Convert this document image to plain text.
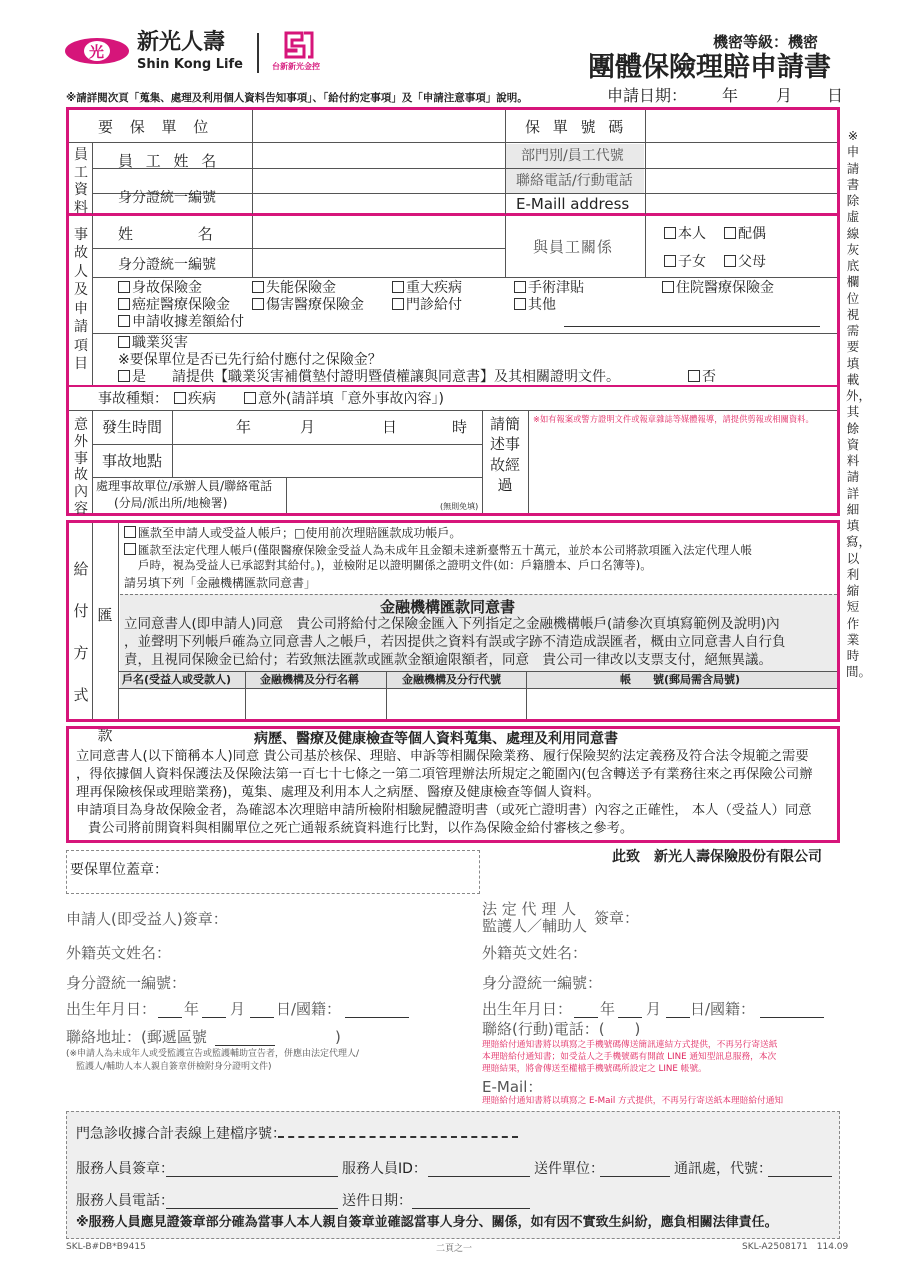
光 新光人壽
Shin Kong Life	台新新光金控
機密等級：機密
團體保險理賠申請書
※請詳閱次頁「蒐集、處理及利用個人資料告知事項」、「給付約定事項」及「申請注意事項」說明。	申請日期： 年 月 日
※申請書除虛線灰底欄位視需要填載外，其餘資料請詳細填寫，以利縮短作業時間。
要 保 單 位	保 單 號 碼
員工資料
員 工 姓 名	部門別/員工代號
聯絡電話/行動電話
身分證統一編號	E-Maill address
事故人及申請項目
姓 名
身分證統一編號
與員工關係
本人	配偶
子女	父母
身故保險金	失能保險金	重大疾病	手術津貼	住院醫療保險金
癌症醫療保險金	傷害醫療保險金	門診給付	其他
申請收據差額給付
職業災害
※要保單位是否已先行給付應付之保險金？
是 請提供【職業災害補償墊付證明暨債權讓與同意書】及其相關證明文件。	否
事故種類：	疾病	意外(請詳填「意外事故內容」)
意外事故內容
發生時間	年	月	日	時
事故地點
處理事故單位/承辦人員/聯絡電話
(分局/派出所/地檢署)	(無則免填)
請簡述事故經過
※如有報案或警方證明文件或報章雜誌等媒體報導，請提供剪報或相關資料。
給付方式
匯款
匯款至申請人或受益人帳戶；□使用前次理賠匯款成功帳戶。
匯款至法定代理人帳戶(僅限醫療保險金受益人為未成年且金額未達新臺幣五十萬元，並於本公司將款項匯入法定代理人帳
戶時，視為受益人已承認對其給付。)，並檢附足以證明關係之證明文件(如：戶籍謄本、戶口名簿等)。
請另填下列「金融機構匯款同意書」
金融機構匯款同意書
立同意書人(即申請人)同意　貴公司將給付之保險金匯入下列指定之金融機構帳戶(請參次頁填寫範例及說明)內
，並聲明下列帳戶確為立同意書人之帳戶，若因提供之資料有誤或字跡不清造成誤匯者，概由立同意書人自行負
責，且視同保險金已給付；若致無法匯款或匯款金額逾限額者，同意　貴公司一律改以支票支付，絕無異議。
戶名(受益人或受款人)	金融機構及分行名稱	金融機構及分行代號	帳　　號(郵局需含局號)
病歷、醫療及健康檢查等個人資料蒐集、處理及利用同意書
立同意書人(以下簡稱本人)同意 貴公司基於核保、理賠、申訴等相關保險業務、履行保險契約法定義務及符合法令規範之需要
，得依據個人資料保護法及保險法第一百七十七條之一第二項管理辦法所規定之範圍內(包含轉送予有業務往來之再保險公司辦
理再保險核保或理賠業務)，蒐集、處理及利用本人之病歷、醫療及健康檢查等個人資料。
申請項目為身故保險金者，為確認本次理賠申請所檢附相驗屍體證明書（或死亡證明書）內容之正確性， 本人（受益人）同意
貴公司將前開資料與相關單位之死亡通報系統資料進行比對，以作為保險金給付審核之參考。
要保單位蓋章：
此致　新光人壽保險股份有限公司
申請人(即受益人)簽章：
法 定 代 理 人
監護人／輔助人 簽章：
外籍英文姓名：	外籍英文姓名：
身分證統一編號：	身分證統一編號：
出生年月日： 年 月 日/國籍：	出生年月日： 年 月 日/國籍：
聯絡地址：(郵遞區號	)
(※申請人為未成年人或受監護宣告或監護輔助宣告者，併應由法定代理人/
監護人/輔助人本人親自簽章併檢附身分證明文件)
聯絡(行動)電話：(　　)
理賠給付通知書將以填寫之手機號碼傳送簡訊連結方式提供，不再另行寄送紙
本理賠給付通知書；如受益人之手機號碼有開啟 LINE 通知型訊息服務，本次
理賠結果，將會傳送至權檔手機號碼所設定之 LINE 帳號。
E-Mail：
理賠給付通知書將以填寫之 E-Mail 方式提供，不再另行寄送紙本理賠給付通知
門急診收據合計表線上建檔序號：
服務人員簽章：	服務人員ID：	送件單位：	通訊處，代號：
服務人員電話：	送件日期：
※服務人員應見證簽章部分確為當事人本人親自簽章並確認當事人身分、關係，如有因不實致生糾紛，應負相關法律責任。
SKL-B#DB*B9415	二頁之一	SKL-A2508171　114.09
